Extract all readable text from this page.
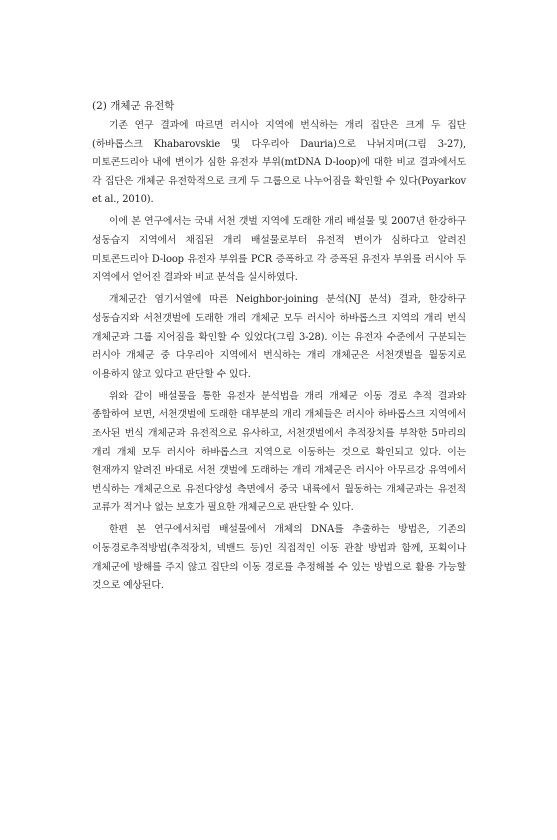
(2) 개체군 유전학

기존 연구 결과에 따르면 러시아 지역에 번식하는 개리 집단은 크게 두 집단(하바롭스크 Khabarovskie 및 다우리아 Dauria)으로 나뉘지며(그림 3-27), 미토콘드리아 내에 변이가 심한 유전자 부위(mtDNA D-loop)에 대한 비교 결과에서도 각 집단은 개체군 유전학적으로 크게 두 그룹으로 나누어짐을 확인할 수 있다(Poyarkov et al., 2010).

이에 본 연구에서는 국내 서천 갯벌 지역에 도래한 개리 배설물 및 2007년 한강하구 성동습지 지역에서 채집된 개리 배설물로부터 유전적 변이가 심하다고 알려진 미토콘드리아 D-loop 유전자 부위를 PCR 증폭하고 각 증폭된 유전자 부위를 러시아 두 지역에서 얻어진 결과와 비교 분석을 실시하였다.

개체군간 염기서열에 따른 Neighbor-joining 분석(NJ 분석) 결과, 한강하구 성동습지와 서천갯벌에 도래한 개리 개체군 모두 러시아 하바롭스크 지역의 개리 번식 개체군과 그룹 지어짐을 확인할 수 있었다(그림 3-28). 이는 유전자 수준에서 구분되는 러시아 개체군 중 다우리아 지역에서 번식하는 개리 개체군은 서천갯벌을 월동지로 이용하지 않고 있다고 판단할 수 있다.

위와 같이 배설물을 통한 유전자 분석법을 개리 개체군 이동 경로 추적 결과와 종합하여 보면, 서천갯벌에 도래한 대부분의 개리 개체들은 러시아 하바롭스크 지역에서 조사된 번식 개체군과 유전적으로 유사하고, 서천갯벌에서 추적장치를 부착한 5마리의 개리 개체 모두 러시아 하바롭스크 지역으로 이동하는 것으로 확인되고 있다. 이는 현재까지 알려진 바대로 서천 갯벌에 도래하는 개리 개체군은 러시아 아무르강 유역에서 번식하는 개체군으로 유전다양성 측면에서 중국 내륙에서 월동하는 개체군과는 유전적 교류가 적거나 없는 보호가 필요한 개체군으로 판단할 수 있다.

한편 본 연구에서처럼 배설물에서 개체의 DNA를 추출하는 방법은, 기존의 이동경로추적방법(추적장치, 넥밴드 등)인 직접적인 이동 관찰 방법과 함께, 포획이나 개체군에 방해를 주지 않고 집단의 이동 경로를 추정해볼 수 있는 방법으로 활용 가능할 것으로 예상된다.
